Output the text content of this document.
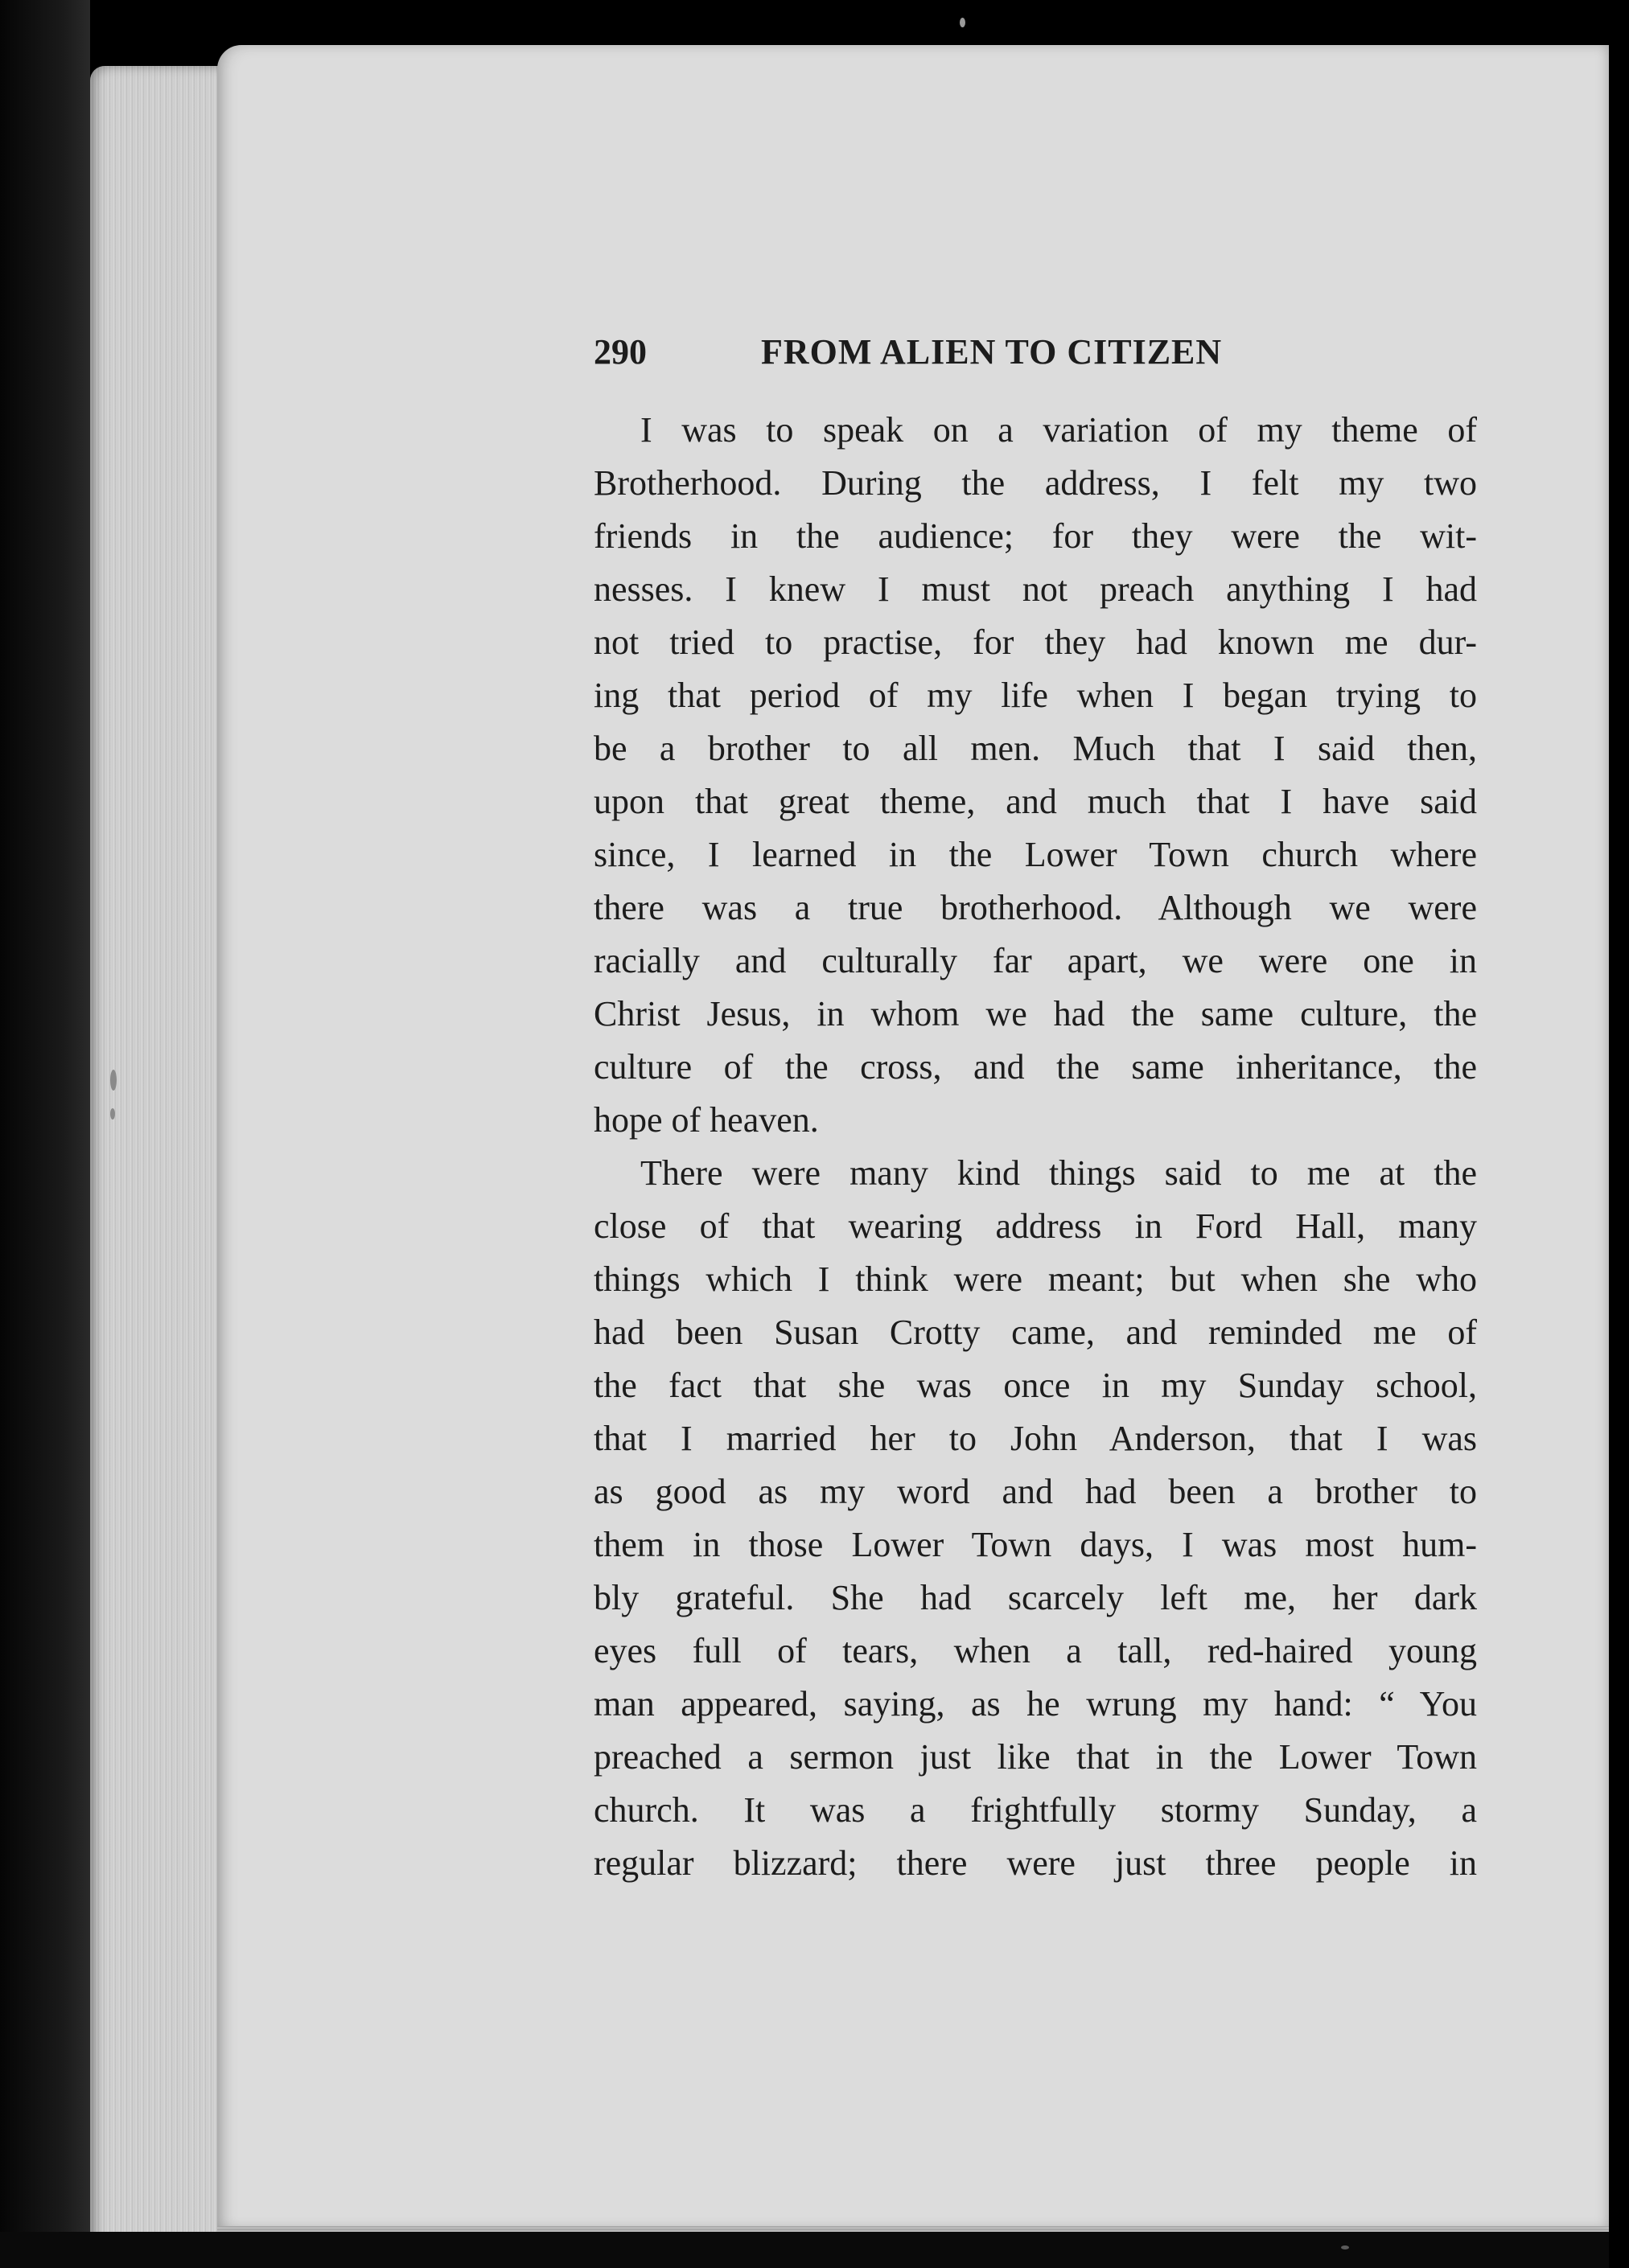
290	FROM ALIEN TO CITIZEN
I was to speak on a variation of my theme of
Brotherhood. During the address, I felt my two
friends in the audience; for they were the wit-
nesses. I knew I must not preach anything I had
not tried to practise, for they had known me dur-
ing that period of my life when I began trying to
be a brother to all men. Much that I said then,
upon that great theme, and much that I have said
since, I learned in the Lower Town church where
there was a true brotherhood. Although we were
racially and culturally far apart, we were one in
Christ Jesus, in whom we had the same culture, the
culture of the cross, and the same inheritance, the
hope of heaven.
There were many kind things said to me at the
close of that wearing address in Ford Hall, many
things which I think were meant; but when she who
had been Susan Crotty came, and reminded me of
the fact that she was once in my Sunday school,
that I married her to John Anderson, that I was
as good as my word and had been a brother to
them in those Lower Town days, I was most hum-
bly grateful. She had scarcely left me, her dark
eyes full of tears, when a tall, red-haired young
man appeared, saying, as he wrung my hand: “ You
preached a sermon just like that in the Lower Town
church. It was a frightfully stormy Sunday, a
regular blizzard; there were just three people in
